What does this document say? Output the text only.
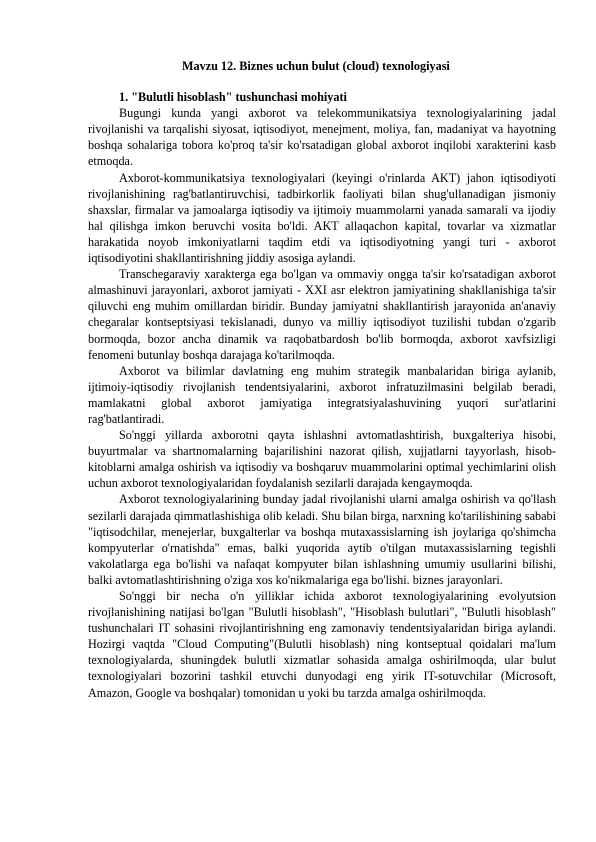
Mavzu 12. Biznes uchun bulut (cloud) texnologiyasi
1. "Bulutli hisoblash" tushunchasi mohiyati

Bugungi kunda yangi axborot va telekommunikatsiya texnologiyalarining jadal rivojlanishi va tarqalishi siyosat, iqtisodiyot, menejment, moliya, fan, madaniyat va hayotning boshqa sohalariga tobora ko'proq ta'sir ko'rsatadigan global axborot inqilobi xarakterini kasb etmoqda.

Axborot-kommunikatsiya texnologiyalari (keyingi o'rinlarda AKT) jahon iqtisodiyoti rivojlanishining rag'batlantiruvchisi, tadbirkorlik faoliyati bilan shug'ullanadigan jismoniy shaxslar, firmalar va jamoalarga iqtisodiy va ijtimoiy muammolarni yanada samarali va ijodiy hal qilishga imkon beruvchi vosita bo'ldi. AKT allaqachon kapital, tovarlar va xizmatlar harakatida noyob imkoniyatlarni taqdim etdi va iqtisodiyotning yangi turi - axborot iqtisodiyotini shakllantirishning jiddiy asosiga aylandi.

Transchegaraviy xarakterga ega bo'lgan va ommaviy ongga ta'sir ko'rsatadigan axborot almashinuvi jarayonlari, axborot jamiyati - XXI asr elektron jamiyatining shakllanishiga ta'sir qiluvchi eng muhim omillardan biridir. Bunday jamiyatni shakllantirish jarayonida an'anaviy chegaralar kontseptsiyasi tekislanadi, dunyo va milliy iqtisodiyot tuzilishi tubdan o'zgarib bormoqda, bozor ancha dinamik va raqobatbardosh bo'lib bormoqda, axborot xavfsizligi fenomeni butunlay boshqa darajaga ko'tarilmoqda.

Axborot va bilimlar davlatning eng muhim strategik manbalaridan biriga aylanib, ijtimoiy-iqtisodiy rivojlanish tendentsiyalarini, axborot infratuzilmasini belgilab beradi, mamlakatni global axborot jamiyatiga integratsiyalashuvining yuqori sur'atlarini rag'batlantiradi.

So'nggi yillarda axborotni qayta ishlashni avtomatlashtirish, buxgalteriya hisobi, buyurtmalar va shartnomalarning bajarilishini nazorat qilish, xujjatlarni tayyorlash, hisob-kitoblarni amalga oshirish va iqtisodiy va boshqaruv muammolarini optimal yechimlarini olish uchun axborot texnologiyalaridan foydalanish sezilarli darajada kengaymoqda.

Axborot texnologiyalarining bunday jadal rivojlanishi ularni amalga oshirish va qo'llash sezilarli darajada qimmatlashishiga olib keladi. Shu bilan birga, narxning ko'tarilishining sababi "iqtisodchilar, menejerlar, buxgalterlar va boshqa mutaxassislarning ish joylariga qo'shimcha kompyuterlar o'rnatishda" emas, balki yuqorida aytib o'tilgan mutaxassislarning tegishli vakolatlarga ega bo'lishi va nafaqat kompyuter bilan ishlashning umumiy usullarini bilishi, balki avtomatlashtirishning o'ziga xos ko'nikmalariga ega bo'lishi. biznes jarayonlari.

So'nggi bir necha o'n yilliklar ichida axborot texnologiyalarining evolyutsion rivojlanishining natijasi bo'lgan "Bulutli hisoblash", "Hisoblash bulutlari", "Bulutli hisoblash" tushunchalari IT sohasini rivojlantirishning eng zamonaviy tendentsiyalaridan biriga aylandi. Hozirgi vaqtda "Cloud Computing"(Bulutli hisoblash) ning kontseptual qoidalari ma'lum texnologiyalarda, shuningdek bulutli xizmatlar sohasida amalga oshirilmoqda, ular bulut texnologiyalari bozorini tashkil etuvchi dunyodagi eng yirik IT-sotuvchilar (Microsoft, Amazon, Google va boshqalar) tomonidan u yoki bu tarzda amalga oshirilmoqda.
